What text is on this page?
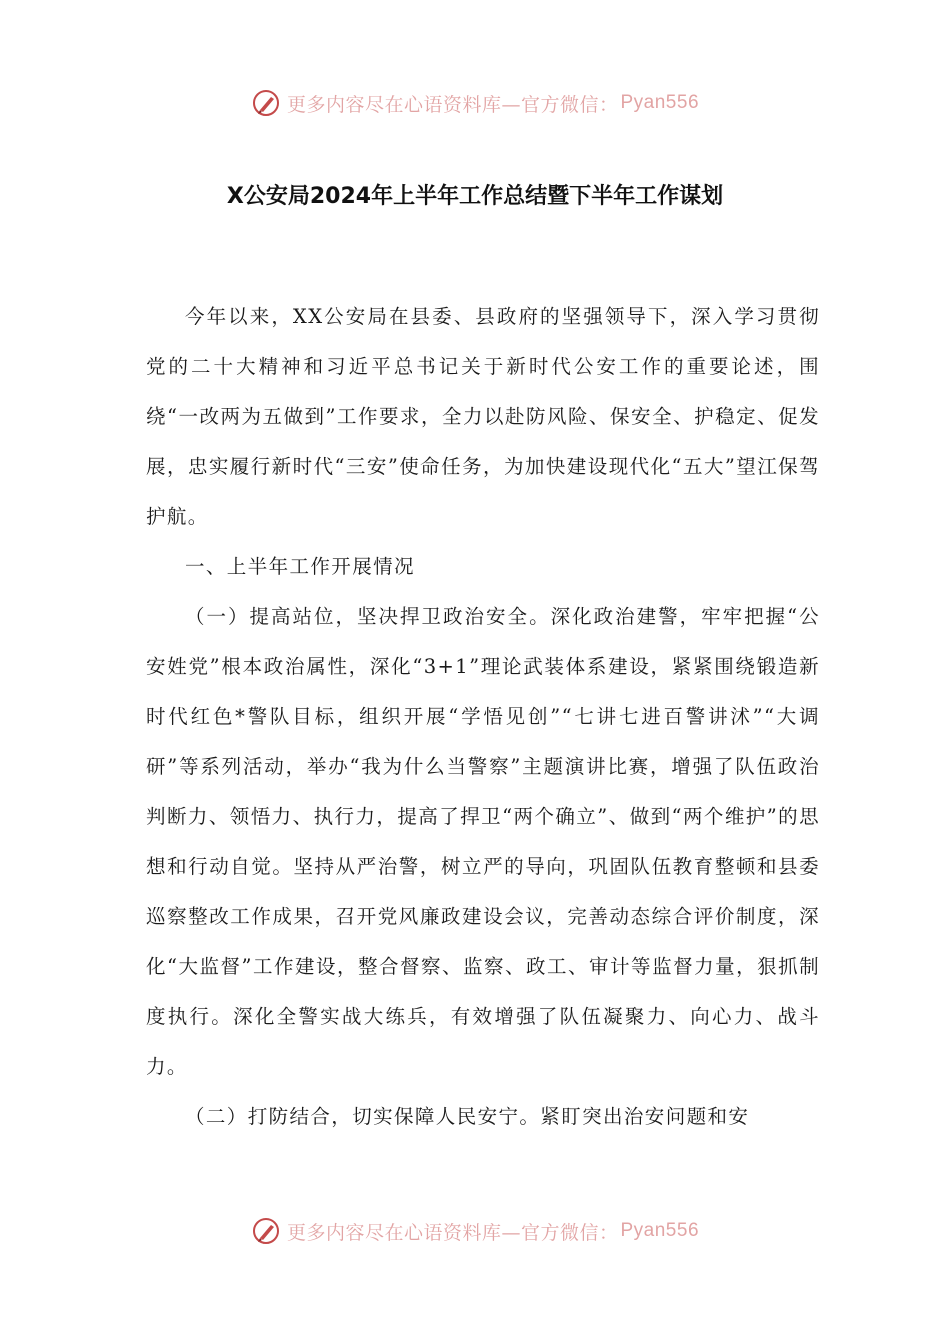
更多内容尽在心语资料库—官方微信： Pyan556
X公安局2024年上半年工作总结暨下半年工作谋划

今年以来，XX公安局在县委、县政府的坚强领导下，深入学习贯彻党的二十大精神和习近平总书记关于新时代公安工作的重要论述，围绕“一改两为五做到”工作要求，全力以赴防风险、保安全、护稳定、促发展，忠实履行新时代“三安”使命任务，为加快建设现代化“五大”望江保驾护航。

一、上半年工作开展情况

（一）提高站位，坚决捍卫政治安全。深化政治建警，牢牢把握“公安姓党”根本政治属性，深化“3+1”理论武装体系建设，紧紧围绕锻造新时代红色*警队目标，组织开展“学悟见创”“七讲七进百警讲沭”“大调研”等系列活动，举办“我为什么当警察”主题演讲比赛，增强了队伍政治判断力、领悟力、执行力，提高了捍卫“两个确立”、做到“两个维护”的思想和行动自觉。坚持从严治警，树立严的导向，巩固队伍教育整顿和县委巡察整改工作成果，召开党风廉政建设会议，完善动态综合评价制度，深化“大监督”工作建设，整合督察、监察、政工、审计等监督力量，狠抓制度执行。深化全警实战大练兵，有效增强了队伍凝聚力、向心力、战斗力。

（二）打防结合，切实保障人民安宁。紧盯突出治安问题和安

更多内容尽在心语资料库—官方微信： Pyan556
